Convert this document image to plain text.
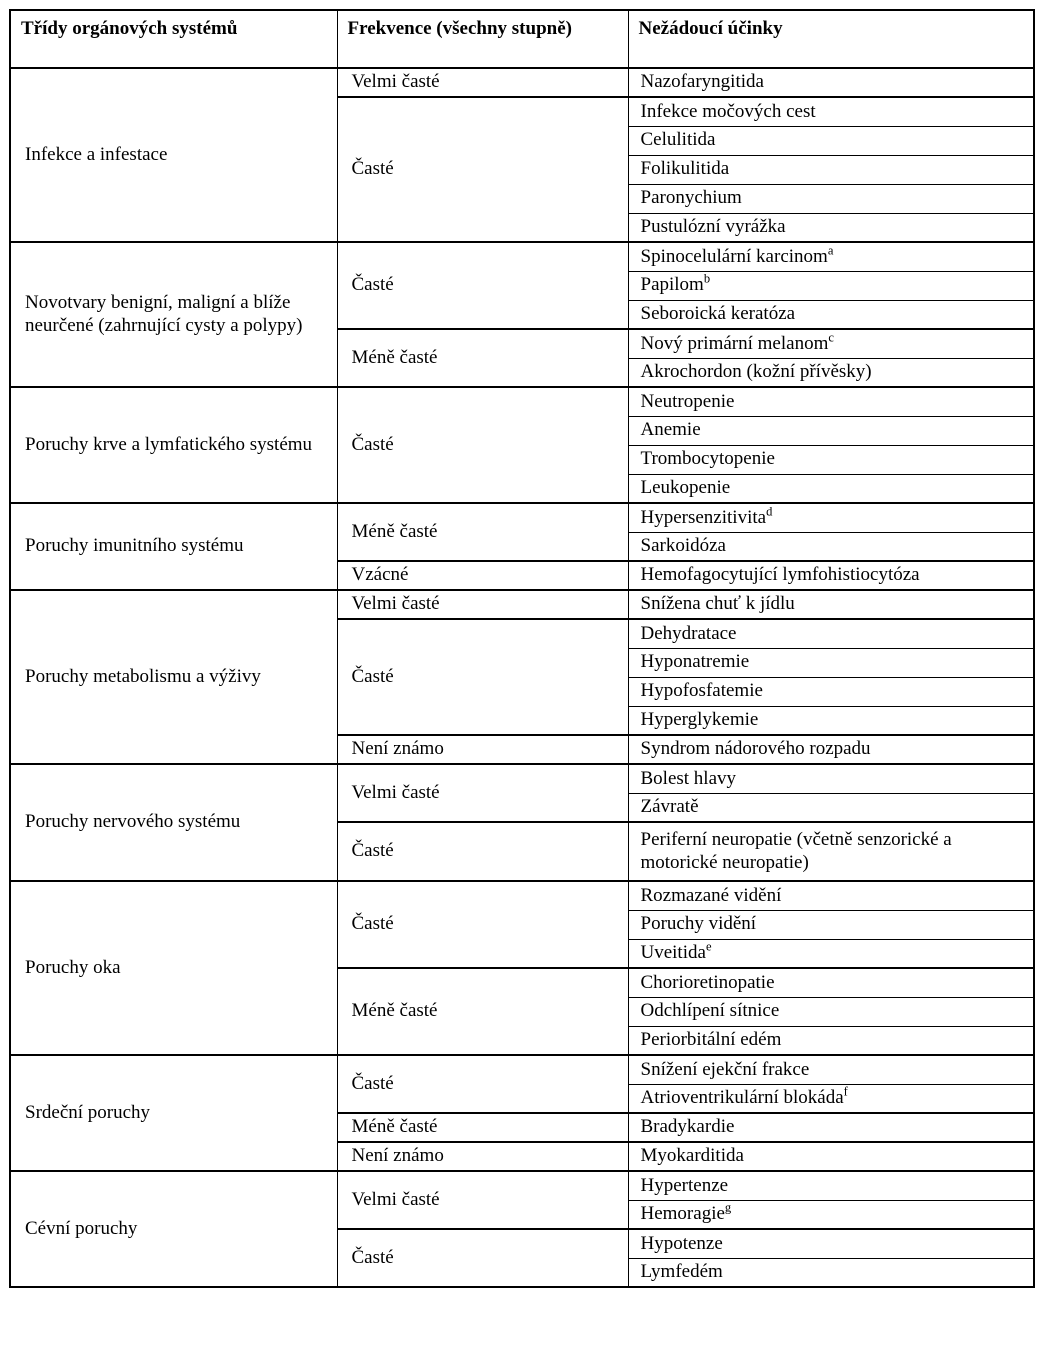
Třídy orgánových systémů	Frekvence (všechny stupně)	Nežádoucí účinky

Infekce a infestace	Velmi časté	Nazofaryngitida

	Časté	Infekce močových cest

		Celulitida

		Folikulitida

		Paronychium

		Pustulózní vyrážka

Novotvary benigní, maligní a blíže neurčené (zahrnující cysty a polypy)	Časté	Spinocelulární karcinom$^a$

		Papilom$^b$

		Seboroická keratóza

	Méně časté	Nový primární melanom$^c$

		Akrochordon (kožní přívěsky)

Poruchy krve a lymfatického systému	Časté	Neutropenie

		Anemie

		Trombocytopenie

		Leukopenie

Poruchy imunitního systému	Méně časté	Hypersenzitivita$^d$

		Sarkoidóza

	Vzácné	Hemofagocytující lymfohistiocytóza

Poruchy metabolismu a výživy	Velmi časté	Snížena chuť k jídlu

	Časté	Dehydratace

		Hyponatremie

		Hypofosfatemie

		Hyperglykemie

	Není známo	Syndrom nádorového rozpadu

Poruchy nervového systému	Velmi časté	Bolest hlavy

		Závratě

	Časté	Periferní neuropatie (včetně senzorické a motorické neuropatie)

Poruchy oka	Časté	Rozmazané vidění

		Poruchy vidění

		Uveitida$^e$

	Méně časté	Chorioretinopatie

		Odchlípení sítnice

		Periorbitální edém

Srdeční poruchy	Časté	Snížení ejekční frakce

		Atrioventrikulární blokáda$^f$

	Méně časté	Bradykardie

	Není známo	Myokarditida

Cévní poruchy	Velmi časté	Hypertenze

		Hemoragie$^g$

	Časté	Hypotenze

		Lymfedém
